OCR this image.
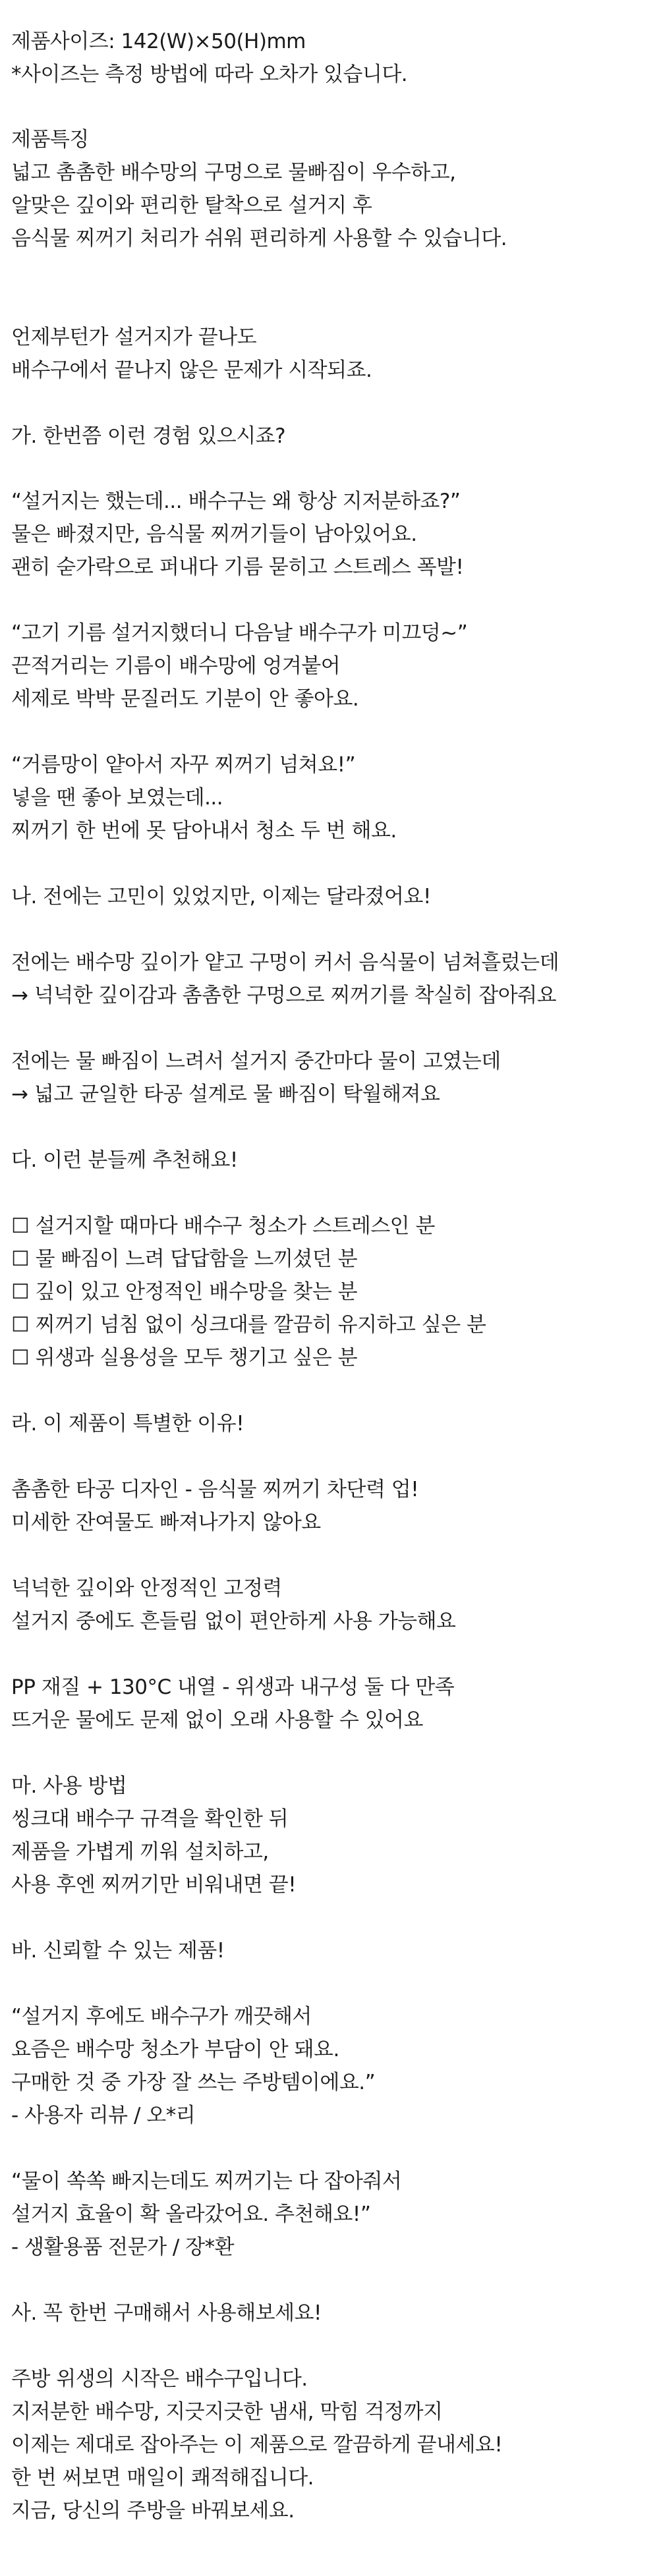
제품사이즈: 142(W)×50(H)mm
*사이즈는 측정 방법에 따라 오차가 있습니다.
제품특징
넓고 촘촘한 배수망의 구멍으로 물빠짐이 우수하고,
알맞은 깊이와 편리한 탈착으로 설거지 후
음식물 찌꺼기 처리가 쉬워 편리하게 사용할 수 있습니다.
언제부턴가 설거지가 끝나도
배수구에서 끝나지 않은 문제가 시작되죠.
가. 한번쯤 이런 경험 있으시죠?
“설거지는 했는데... 배수구는 왜 항상 지저분하죠?”
물은 빠졌지만, 음식물 찌꺼기들이 남아있어요.
괜히 숟가락으로 퍼내다 기름 묻히고 스트레스 폭발!
“고기 기름 설거지했더니 다음날 배수구가 미끄덩~”
끈적거리는 기름이 배수망에 엉겨붙어
세제로 박박 문질러도 기분이 안 좋아요.
“거름망이 얕아서 자꾸 찌꺼기 넘쳐요!”
넣을 땐 좋아 보였는데...
찌꺼기 한 번에 못 담아내서 청소 두 번 해요.
나. 전에는 고민이 있었지만, 이제는 달라졌어요!
전에는 배수망 깊이가 얕고 구멍이 커서 음식물이 넘쳐흘렀는데
→ 넉넉한 깊이감과 촘촘한 구멍으로 찌꺼기를 착실히 잡아줘요
전에는 물 빠짐이 느려서 설거지 중간마다 물이 고였는데
→ 넓고 균일한 타공 설계로 물 빠짐이 탁월해져요
다. 이런 분들께 추천해요!
☐ 설거지할 때마다 배수구 청소가 스트레스인 분
☐ 물 빠짐이 느려 답답함을 느끼셨던 분
☐ 깊이 있고 안정적인 배수망을 찾는 분
☐ 찌꺼기 넘침 없이 싱크대를 깔끔히 유지하고 싶은 분
☐ 위생과 실용성을 모두 챙기고 싶은 분
라. 이 제품이 특별한 이유!
촘촘한 타공 디자인 - 음식물 찌꺼기 차단력 업!
미세한 잔여물도 빠져나가지 않아요
넉넉한 깊이와 안정적인 고정력
설거지 중에도 흔들림 없이 편안하게 사용 가능해요
PP 재질 + 130°C 내열 - 위생과 내구성 둘 다 만족
뜨거운 물에도 문제 없이 오래 사용할 수 있어요
마. 사용 방법
씽크대 배수구 규격을 확인한 뒤
제품을 가볍게 끼워 설치하고,
사용 후엔 찌꺼기만 비워내면 끝!
바. 신뢰할 수 있는 제품!
“설거지 후에도 배수구가 깨끗해서
요즘은 배수망 청소가 부담이 안 돼요.
구매한 것 중 가장 잘 쓰는 주방템이에요.”
- 사용자 리뷰 / 오*리
“물이 쏙쏙 빠지는데도 찌꺼기는 다 잡아줘서
설거지 효율이 확 올라갔어요. 추천해요!”
- 생활용품 전문가 / 장*환
사. 꼭 한번 구매해서 사용해보세요!
주방 위생의 시작은 배수구입니다.
지저분한 배수망, 지긋지긋한 냄새, 막힘 걱정까지
이제는 제대로 잡아주는 이 제품으로 깔끔하게 끝내세요!
한 번 써보면 매일이 쾌적해집니다.
지금, 당신의 주방을 바꿔보세요.
